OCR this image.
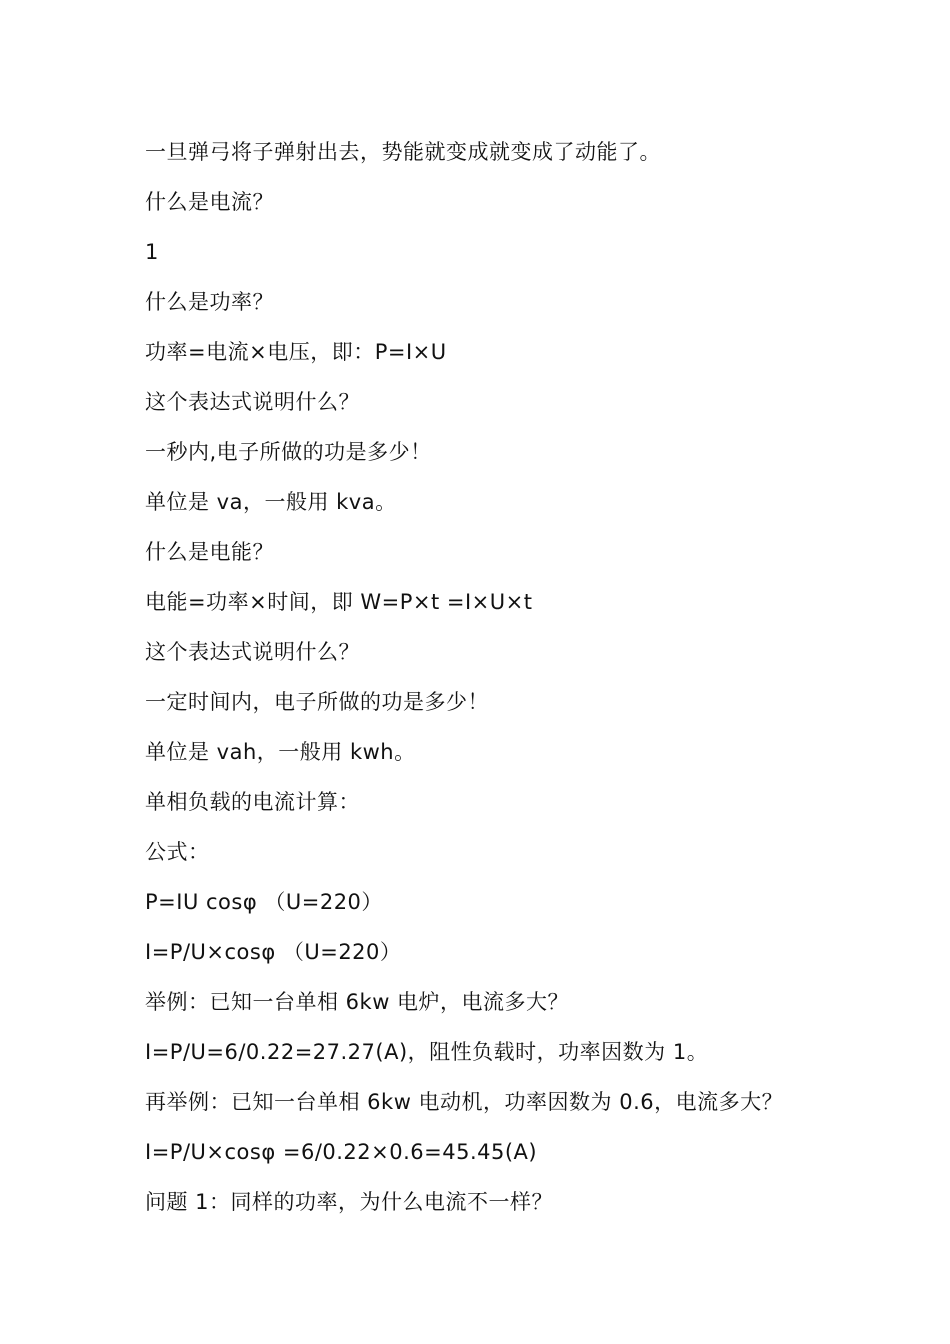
一旦弹弓将子弹射出去，势能就变成就变成了动能了。
什么是电流？
1
什么是功率？
功率=电流×电压，即：P=I×U
这个表达式说明什么？
一秒内,电子所做的功是多少！
单位是 va，一般用 kva。
什么是电能？
电能=功率×时间，即 W=P×t =I×U×t
这个表达式说明什么？
一定时间内，电子所做的功是多少！
单位是 vah，一般用 kwh。
单相负载的电流计算：
公式：
P=IU cosφ （U=220）
I=P/U×cosφ （U=220）
举例：已知一台单相 6kw 电炉，电流多大？
I=P/U=6/0.22=27.27(A)，阻性负载时，功率因数为 1。
再举例：已知一台单相 6kw 电动机，功率因数为 0.6，电流多大？
I=P/U×cosφ =6/0.22×0.6=45.45(A)
问题 1：同样的功率，为什么电流不一样？
